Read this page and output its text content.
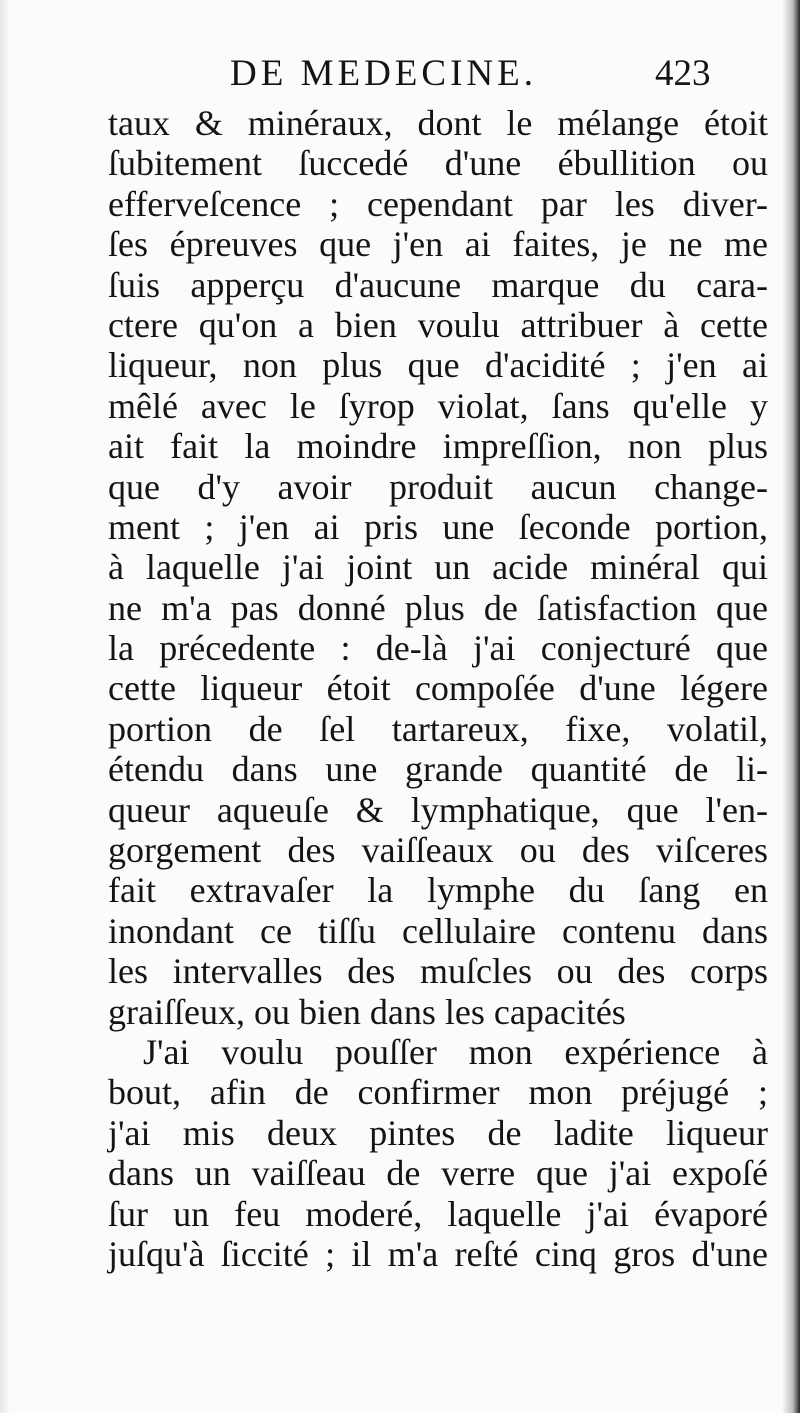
DE MEDECINE.	423
taux & minéraux, dont le mélange étoit
ſubitement ſuccedé d'une ébullition ou
efferveſcence ; cependant par les diver-
ſes épreuves que j'en ai faites, je ne me
ſuis apperçu d'aucune marque du cara-
ctere qu'on a bien voulu attribuer à cette
liqueur, non plus que d'acidité ; j'en ai
mêlé avec le ſyrop violat, ſans qu'elle y
ait fait la moindre impreſſion, non plus
que d'y avoir produit aucun change-
ment ; j'en ai pris une ſeconde portion,
à laquelle j'ai joint un acide minéral qui
ne m'a pas donné plus de ſatisfaction que
la précedente : de-là j'ai conjecturé que
cette liqueur étoit compoſée d'une légere
portion de ſel tartareux, fixe, volatil,
étendu dans une grande quantité de li-
queur aqueuſe & lymphatique, que l'en-
gorgement des vaiſſeaux ou des viſceres
fait extravaſer la lymphe du ſang en
inondant ce tiſſu cellulaire contenu dans
les intervalles des muſcles ou des corps
graiſſeux, ou bien dans les capacités
J'ai voulu pouſſer mon expérience à
bout, afin de confirmer mon préjugé ;
j'ai mis deux pintes de ladite liqueur
dans un vaiſſeau de verre que j'ai expoſé
ſur un feu moderé, laquelle j'ai évaporé
juſqu'à ſiccité ; il m'a reſté cinq gros d'une
